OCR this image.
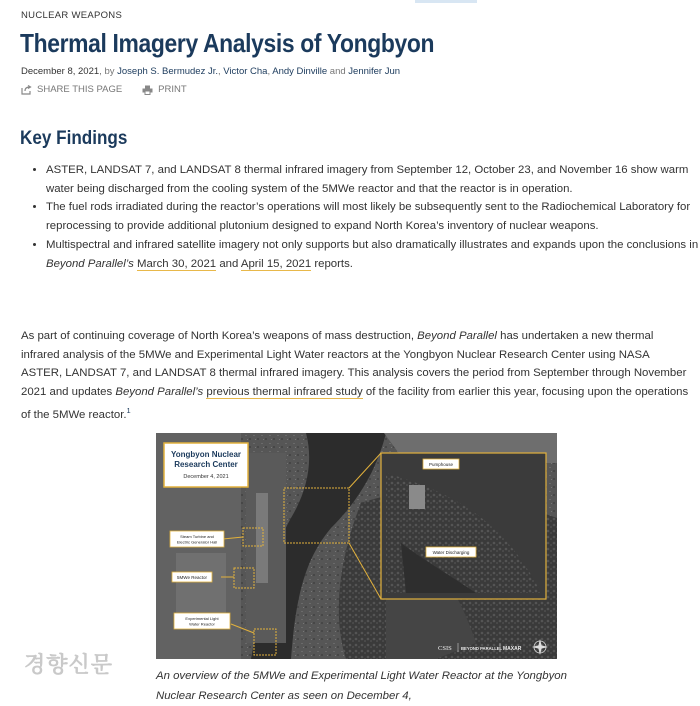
NUCLEAR WEAPONS
Thermal Imagery Analysis of Yongbyon
December 8, 2021, by Joseph S. Bermudez Jr., Victor Cha, Andy Dinville and Jennifer Jun
SHARE THIS PAGE	PRINT
Key Findings
• ASTER, LANDSAT 7, and LANDSAT 8 thermal infrared imagery from September 12, October 23, and November 16 show warm water being discharged from the cooling system of the 5MWe reactor and that the reactor is in operation.
• The fuel rods irradiated during the reactor’s operations will most likely be subsequently sent to the Radiochemical Laboratory for reprocessing to provide additional plutonium designed to expand North Korea’s inventory of nuclear weapons.
• Multispectral and infrared satellite imagery not only supports but also dramatically illustrates and expands upon the conclusions in Beyond Parallel’s March 30, 2021 and April 15, 2021 reports.

As part of continuing coverage of North Korea’s weapons of mass destruction, Beyond Parallel has undertaken a new thermal infrared analysis of the 5MWe and Experimental Light Water reactors at the Yongbyon Nuclear Research Center using NASA ASTER, LANDSAT 7, and LANDSAT 8 thermal infrared imagery. This analysis covers the period from September through November 2021 and updates Beyond Parallel’s previous thermal infrared study of the facility from earlier this year, focusing upon the operations of the 5MWe reactor.$^1$

Yongbyon Nuclear
Research Center
December 4, 2021
Steam Turbine and
Electric Generator Hall
5MWe Reactor
Experimental Light
Water Reactor
Pumphouse
Water Discharging
CSIS BEYOND PARALLEL MAXAR

An overview of the 5MWe and Experimental Light Water Reactor at the Yongbyon Nuclear Research Center as seen on December 4,

경향신문
